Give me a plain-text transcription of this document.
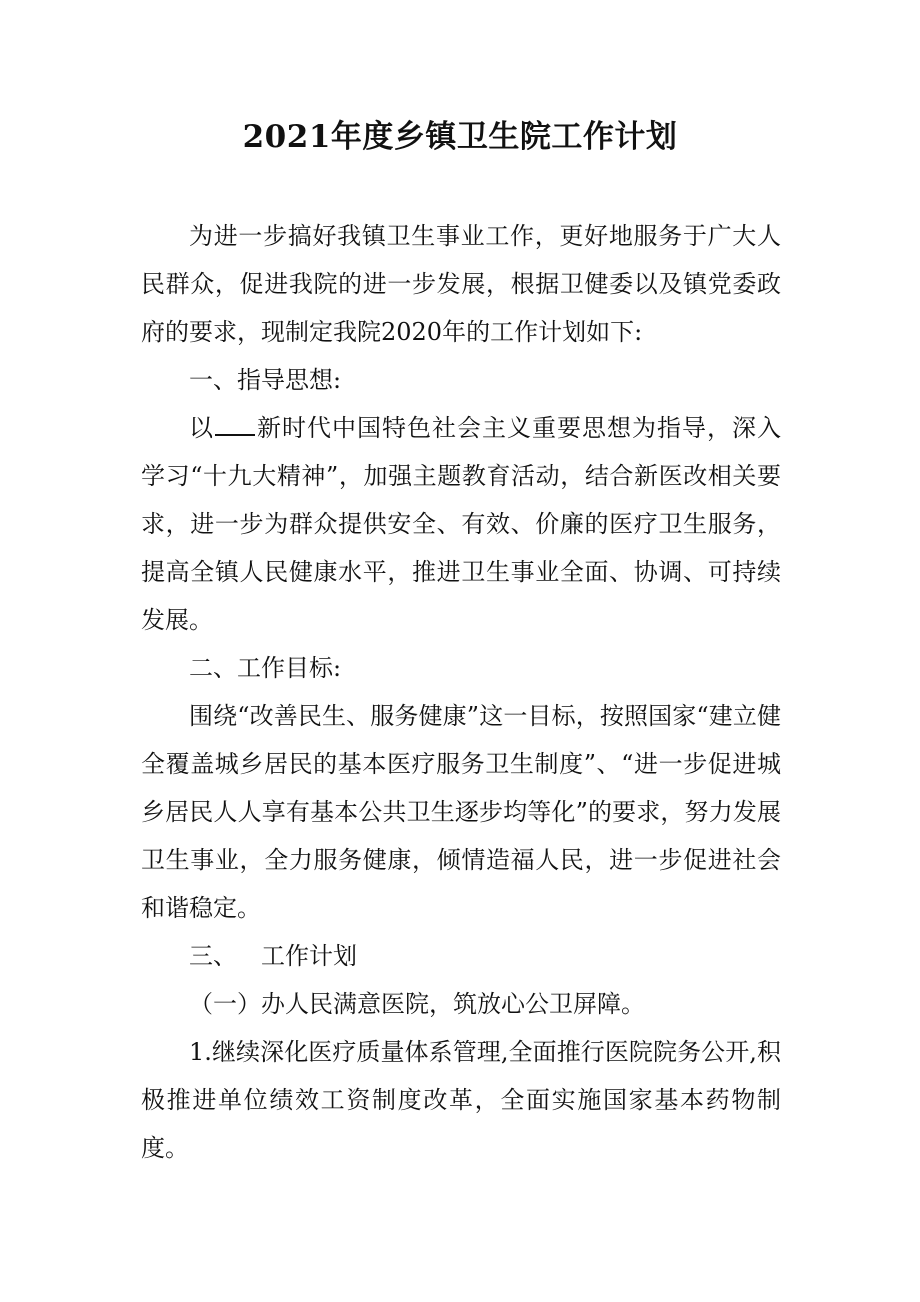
2021年度乡镇卫生院工作计划

为进一步搞好我镇卫生事业工作，更好地服务于广大人民群众，促进我院的进一步发展，根据卫健委以及镇党委政府的要求，现制定我院2020年的工作计划如下:

一、指导思想:

以 新时代中国特色社会主义重要思想为指导，深入学习“十九大精神”，加强主题教育活动，结合新医改相关要求，进一步为群众提供安全、有效、价廉的医疗卫生服务，提高全镇人民健康水平，推进卫生事业全面、协调、可持续发展。

二、工作目标:

围绕“改善民生、服务健康”这一目标，按照国家“建立健全覆盖城乡居民的基本医疗服务卫生制度”、“进一步促进城乡居民人人享有基本公共卫生逐步均等化”的要求，努力发展卫生事业，全力服务健康，倾情造福人民，进一步促进社会和谐稳定。

三、 工作计划

（一）办人民满意医院，筑放心公卫屏障。

1.继续深化医疗质量体系管理,全面推行医院院务公开,积极推进单位绩效工资制度改革，全面实施国家基本药物制度。
